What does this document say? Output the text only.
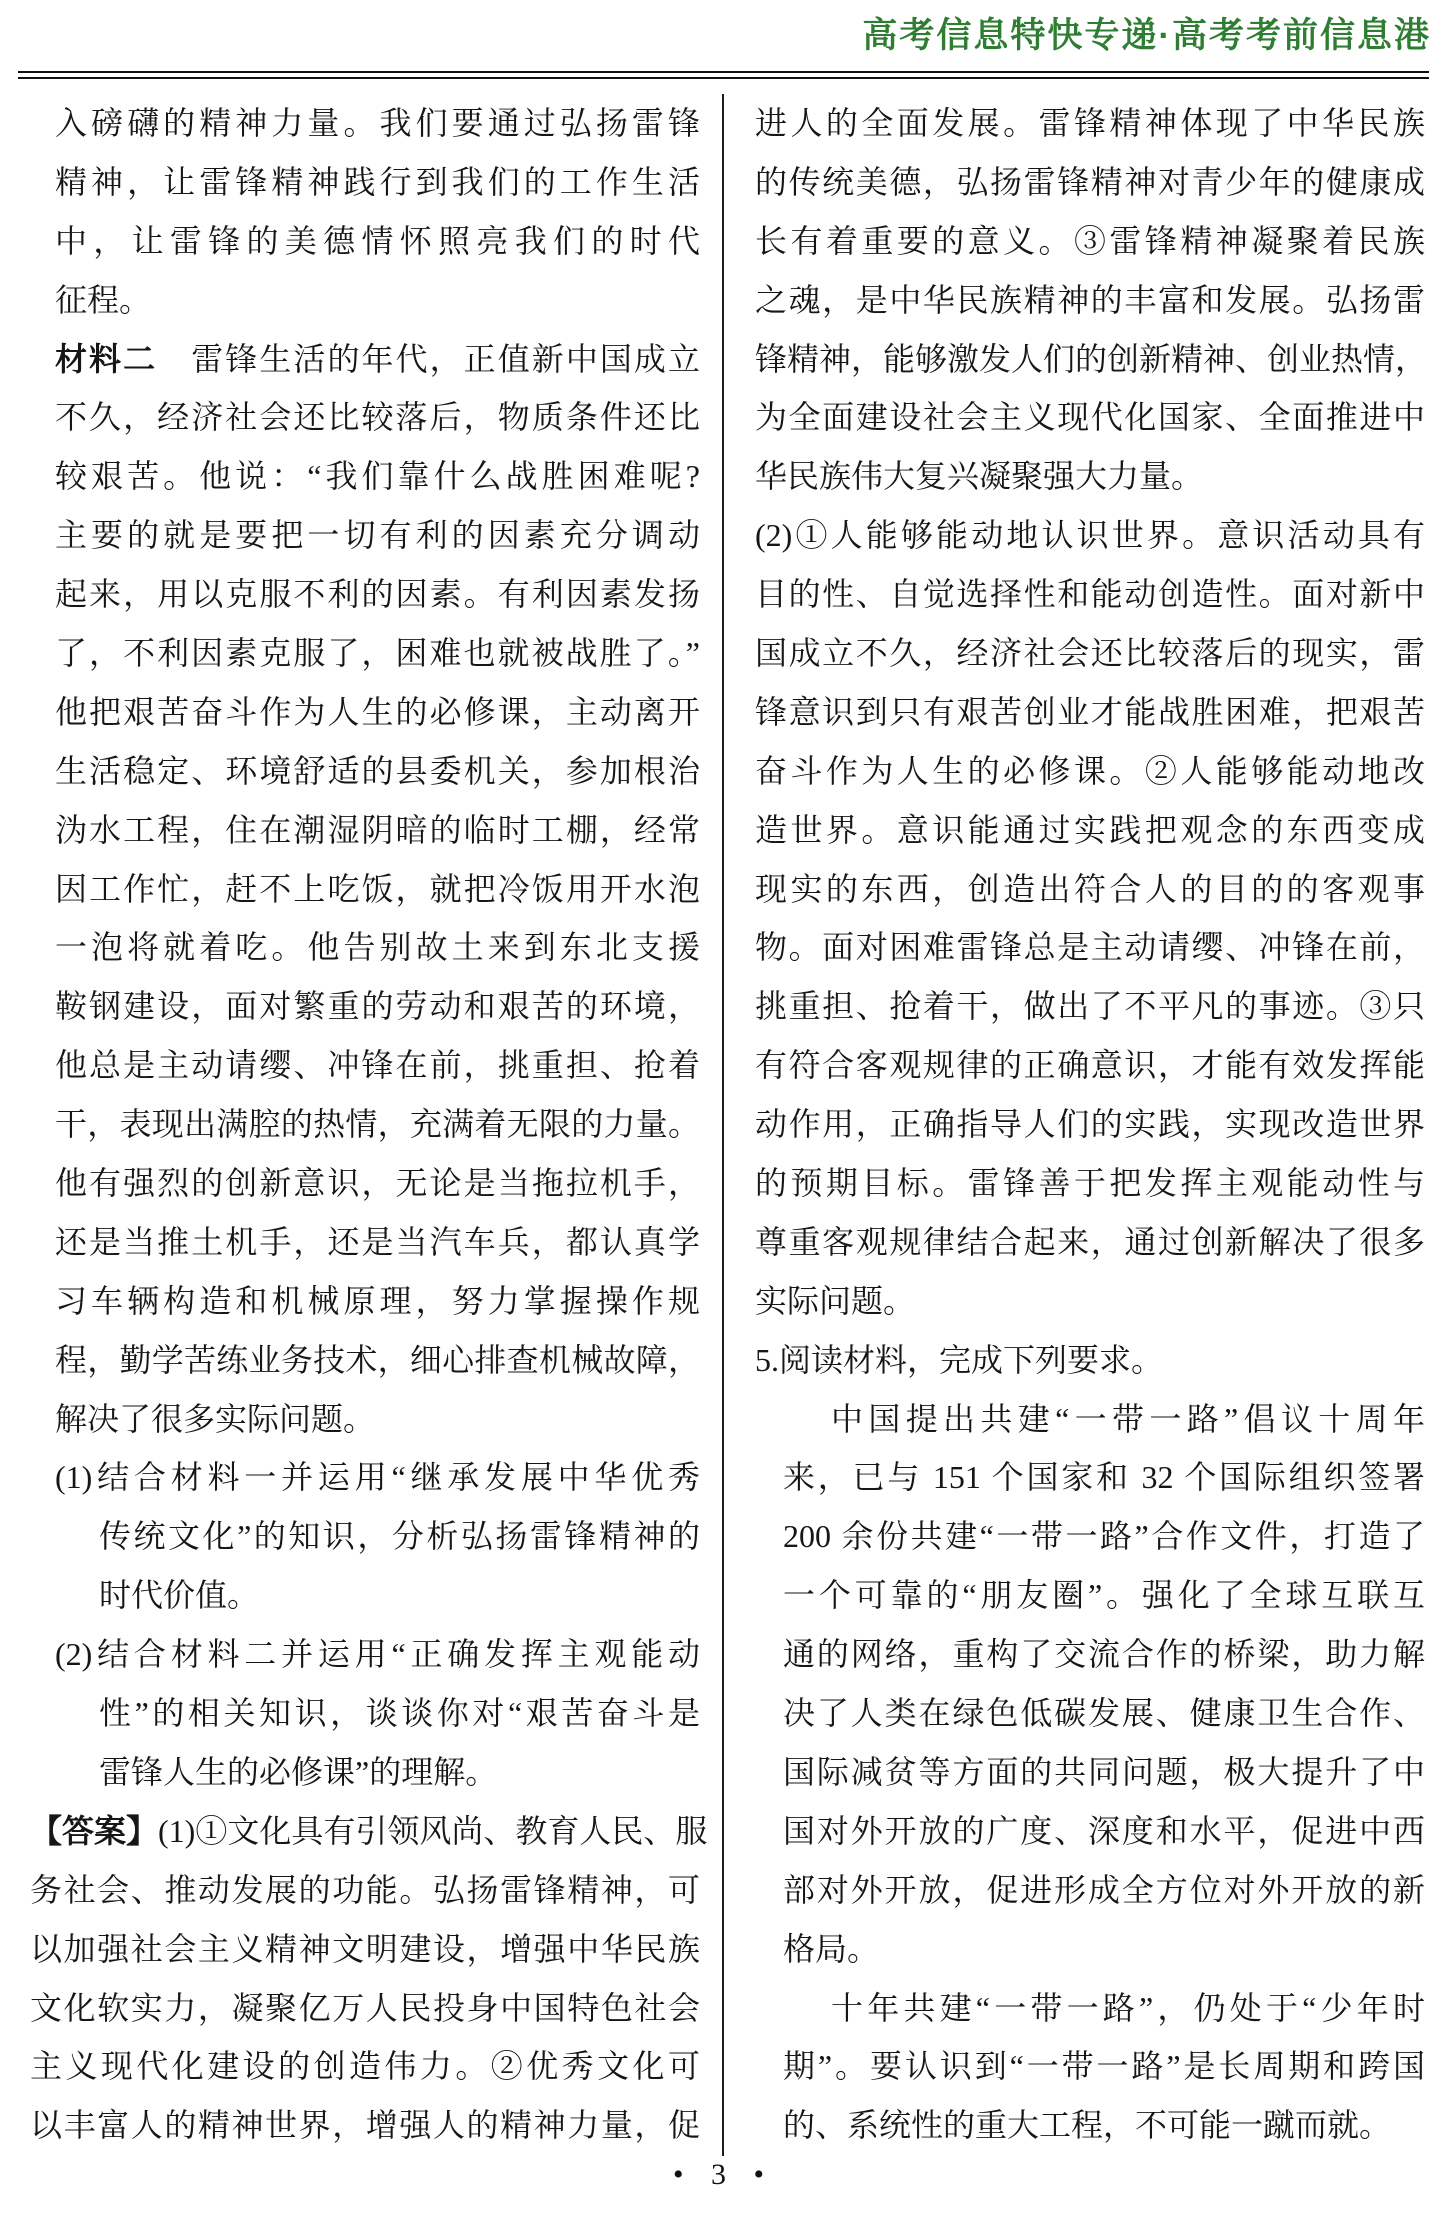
高考信息特快专递·高考考前信息港
入磅礴的精神力量。我们要通过弘扬雷锋
精神，让雷锋精神践行到我们的工作生活
中，让雷锋的美德情怀照亮我们的时代
征程。
材料二　雷锋生活的年代，正值新中国成立
不久，经济社会还比较落后，物质条件还比
较艰苦。他说：“我们靠什么战胜困难呢?
主要的就是要把一切有利的因素充分调动
起来，用以克服不利的因素。有利因素发扬
了，不利因素克服了，困难也就被战胜了。”
他把艰苦奋斗作为人生的必修课，主动离开
生活稳定、环境舒适的县委机关，参加根治
沩水工程，住在潮湿阴暗的临时工棚，经常
因工作忙，赶不上吃饭，就把冷饭用开水泡
一泡将就着吃。他告别故土来到东北支援
鞍钢建设，面对繁重的劳动和艰苦的环境，
他总是主动请缨、冲锋在前，挑重担、抢着
干，表现出满腔的热情，充满着无限的力量。
他有强烈的创新意识，无论是当拖拉机手，
还是当推土机手，还是当汽车兵，都认真学
习车辆构造和机械原理，努力掌握操作规
程，勤学苦练业务技术，细心排查机械故障，
解决了很多实际问题。
(1)结合材料一并运用“继承发展中华优秀
传统文化”的知识，分析弘扬雷锋精神的
时代价值。
(2)结合材料二并运用“正确发挥主观能动
性”的相关知识，谈谈你对“艰苦奋斗是
雷锋人生的必修课”的理解。
【答案】(1)①文化具有引领风尚、教育人民、服
务社会、推动发展的功能。弘扬雷锋精神，可
以加强社会主义精神文明建设，增强中华民族
文化软实力，凝聚亿万人民投身中国特色社会
主义现代化建设的创造伟力。②优秀文化可
以丰富人的精神世界，增强人的精神力量，促
进人的全面发展。雷锋精神体现了中华民族
的传统美德，弘扬雷锋精神对青少年的健康成
长有着重要的意义。③雷锋精神凝聚着民族
之魂，是中华民族精神的丰富和发展。弘扬雷
锋精神，能够激发人们的创新精神、创业热情，
为全面建设社会主义现代化国家、全面推进中
华民族伟大复兴凝聚强大力量。
(2)①人能够能动地认识世界。意识活动具有
目的性、自觉选择性和能动创造性。面对新中
国成立不久，经济社会还比较落后的现实，雷
锋意识到只有艰苦创业才能战胜困难，把艰苦
奋斗作为人生的必修课。②人能够能动地改
造世界。意识能通过实践把观念的东西变成
现实的东西，创造出符合人的目的的客观事
物。面对困难雷锋总是主动请缨、冲锋在前，
挑重担、抢着干，做出了不平凡的事迹。③只
有符合客观规律的正确意识，才能有效发挥能
动作用，正确指导人们的实践，实现改造世界
的预期目标。雷锋善于把发挥主观能动性与
尊重客观规律结合起来，通过创新解决了很多
实际问题。
5.阅读材料，完成下列要求。
中国提出共建“一带一路”倡议十周年
来，已与 151 个国家和 32 个国际组织签署
200 余份共建“一带一路”合作文件，打造了
一个可靠的“朋友圈”。强化了全球互联互
通的网络，重构了交流合作的桥梁，助力解
决了人类在绿色低碳发展、健康卫生合作、
国际减贫等方面的共同问题，极大提升了中
国对外开放的广度、深度和水平，促进中西
部对外开放，促进形成全方位对外开放的新
格局。
十年共建“一带一路”，仍处于“少年时
期”。要认识到“一带一路”是长周期和跨国
的、系统性的重大工程，不可能一蹴而就。
• 3 •
